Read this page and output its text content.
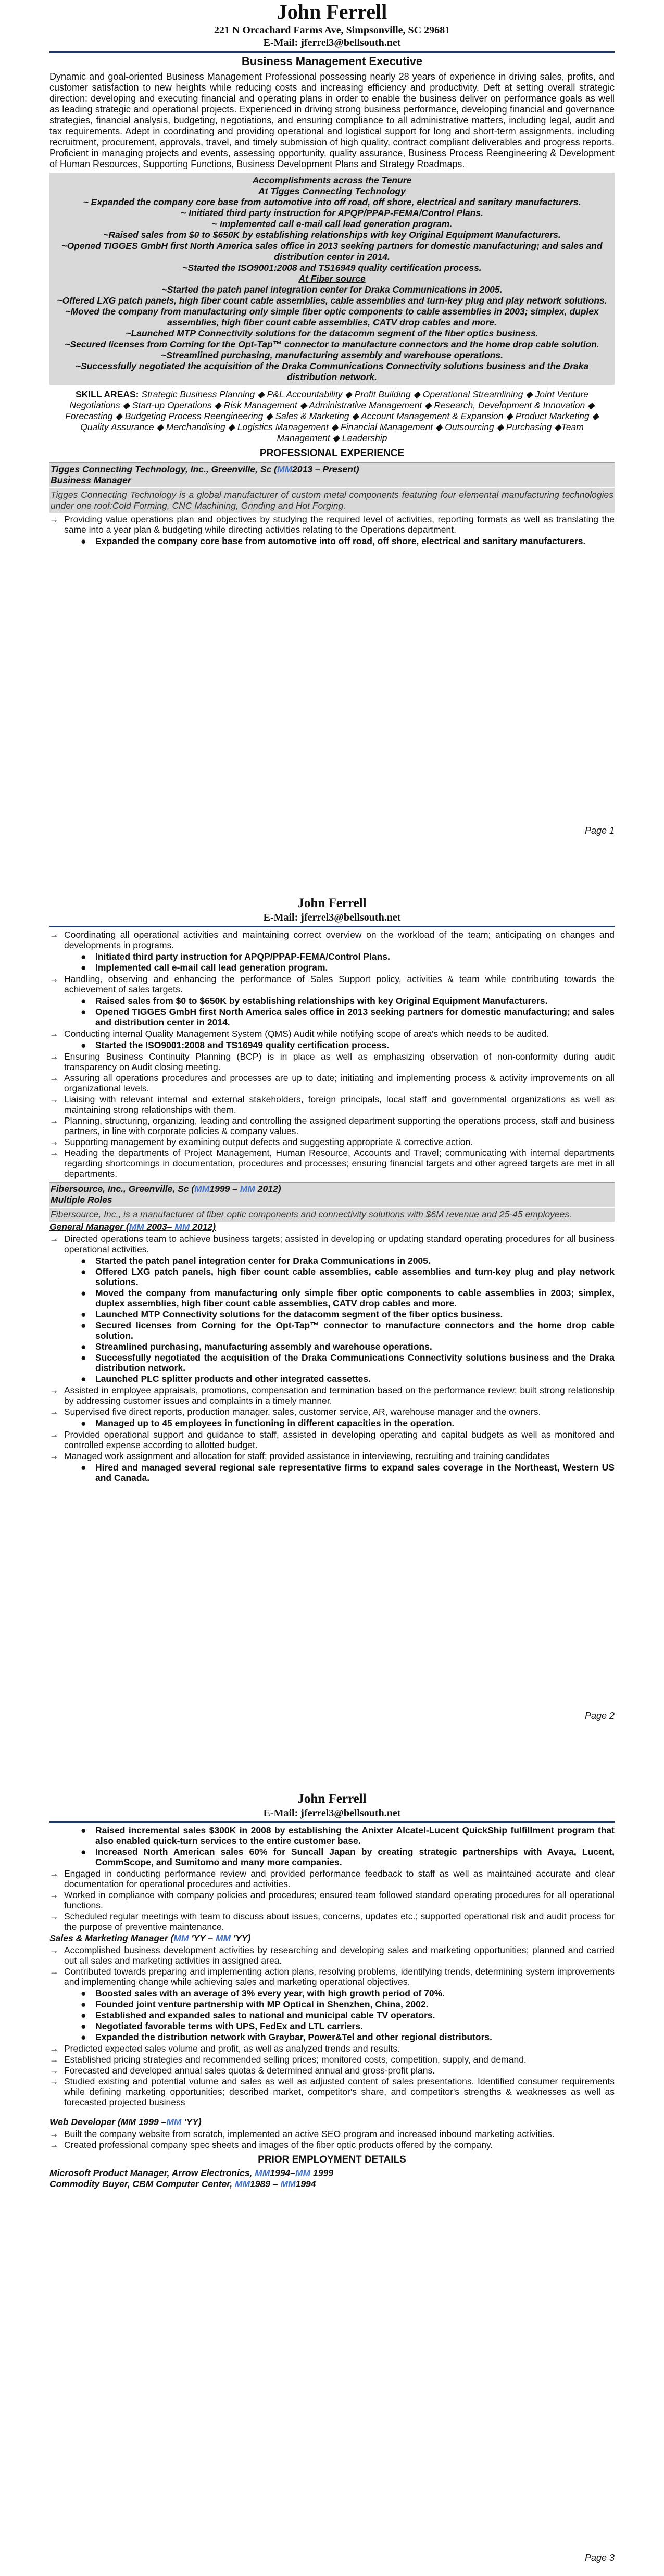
John Ferrell
221 N Orcachard Farms Ave, Simpsonville, SC 29681
E-Mail: jferrel3@bellsouth.net
Business Management Executive
Dynamic and goal-oriented Business Management Professional possessing nearly 28 years of experience in driving sales, profits, and customer satisfaction to new heights while reducing costs and increasing efficiency and productivity. Deft at setting overall strategic direction; developing and executing financial and operating plans in order to enable the business deliver on performance goals as well as leading strategic and operational projects. Experienced in driving strong business performance, developing financial and governance strategies, financial analysis, budgeting, negotiations, and ensuring compliance to all administrative matters, including legal, audit and tax requirements. Adept in coordinating and providing operational and logistical support for long and short-term assignments, including recruitment, procurement, approvals, travel, and timely submission of high quality, contract compliant deliverables and progress reports. Proficient in managing projects and events, assessing opportunity, quality assurance, Business Process Reengineering & Development of Human Resources, Supporting Functions, Business Development Plans and Strategy Roadmaps.
Accomplishments across the Tenure
At Tigges Connecting Technology
~ Expanded the company core base from automotive into off road, off shore, electrical and sanitary manufacturers.
~ Initiated third party instruction for APQP/PPAP-FEMA/Control Plans.
~ Implemented call e-mail call lead generation program.
~Raised sales from $0 to $650K by establishing relationships with key Original Equipment Manufacturers.
~Opened TIGGES GmbH first North America sales office in 2013 seeking partners for domestic manufacturing; and sales and distribution center in 2014.
~Started the ISO9001:2008 and TS16949 quality certification process.
At Fiber source
~Started the patch panel integration center for Draka Communications in 2005.
~Offered LXG patch panels, high fiber count cable assemblies, cable assemblies and turn-key plug and play network solutions.
~Moved the company from manufacturing only simple fiber optic components to cable assemblies in 2003; simplex, duplex assemblies, high fiber count cable assemblies, CATV drop cables and more.
~Launched MTP Connectivity solutions for the datacomm segment of the fiber optics business.
~Secured licenses from Corning for the Opt-Tap™ connector to manufacture connectors and the home drop cable solution.
~Streamlined purchasing, manufacturing assembly and warehouse operations.
~Successfully negotiated the acquisition of the Draka Communications Connectivity solutions business and the Draka distribution network.
SKILL AREAS: Strategic Business Planning ◆ P&L Accountability ◆ Profit Building ◆ Operational Streamlining ◆ Joint Venture Negotiations ◆ Start-up Operations ◆ Risk Management ◆ Administrative Management ◆ Research, Development & Innovation ◆ Forecasting ◆ Budgeting Process Reengineering ◆ Sales & Marketing ◆ Account Management & Expansion ◆ Product Marketing ◆ Quality Assurance ◆ Merchandising ◆ Logistics Management ◆ Financial Management ◆ Outsourcing ◆ Purchasing ◆Team Management ◆ Leadership
PROFESSIONAL EXPERIENCE
Tigges Connecting Technology, Inc., Greenville, Sc (MM2013 – Present)
Business Manager
Tigges Connecting Technology is a global manufacturer of custom metal components featuring four elemental manufacturing technologies under one roof:Cold Forming, CNC Machining, Grinding and Hot Forging.
→ Providing value operations plan and objectives by studying the required level of activities, reporting formats as well as translating the same into a year plan & budgeting while directing activities relating to the Operations department.
● Expanded the company core base from automotive into off road, off shore, electrical and sanitary manufacturers.
Page 1
John Ferrell
E-Mail: jferrel3@bellsouth.net
→ Coordinating all operational activities and maintaining correct overview on the workload of the team; anticipating on changes and developments in programs.
● Initiated third party instruction for APQP/PPAP-FEMA/Control Plans.
● Implemented call e-mail call lead generation program.
→ Handling, observing and enhancing the performance of Sales Support policy, activities & team while contributing towards the achievement of sales targets.
● Raised sales from $0 to $650K by establishing relationships with key Original Equipment Manufacturers.
● Opened TIGGES GmbH first North America sales office in 2013 seeking partners for domestic manufacturing; and sales and distribution center in 2014.
→ Conducting internal Quality Management System (QMS) Audit while notifying scope of area's which needs to be audited.
● Started the ISO9001:2008 and TS16949 quality certification process.
→ Ensuring Business Continuity Planning (BCP) is in place as well as emphasizing observation of non-conformity during audit transparency on Audit closing meeting.
→ Assuring all operations procedures and processes are up to date; initiating and implementing process & activity improvements on all organizational levels.
→ Liaising with relevant internal and external stakeholders, foreign principals, local staff and governmental organizations as well as maintaining strong relationships with them.
→ Planning, structuring, organizing, leading and controlling the assigned department supporting the operations process, staff and business partners, in line with corporate policies & company values.
→ Supporting management by examining output defects and suggesting appropriate & corrective action.
→ Heading the departments of Project Management, Human Resource, Accounts and Travel; communicating with internal departments regarding shortcomings in documentation, procedures and processes; ensuring financial targets and other agreed targets are met in all departments.
Fibersource, Inc., Greenville, Sc (MM1999 – MM 2012)
Multiple Roles
Fibersource, Inc., is a manufacturer of fiber optic components and connectivity solutions with $6M revenue and 25-45 employees.
General Manager (MM 2003– MM 2012)
→ Directed operations team to achieve business targets; assisted in developing or updating standard operating procedures for all business operational activities.
● Started the patch panel integration center for Draka Communications in 2005.
● Offered LXG patch panels, high fiber count cable assemblies, cable assemblies and turn-key plug and play network solutions.
● Moved the company from manufacturing only simple fiber optic components to cable assemblies in 2003; simplex, duplex assemblies, high fiber count cable assemblies, CATV drop cables and more.
● Launched MTP Connectivity solutions for the datacomm segment of the fiber optics business.
● Secured licenses from Corning for the Opt-Tap™ connector to manufacture connectors and the home drop cable solution.
● Streamlined purchasing, manufacturing assembly and warehouse operations.
● Successfully negotiated the acquisition of the Draka Communications Connectivity solutions business and the Draka distribution network.
● Launched PLC splitter products and other integrated cassettes.
→ Assisted in employee appraisals, promotions, compensation and termination based on the performance review; built strong relationship by addressing customer issues and complaints in a timely manner.
→ Supervised five direct reports, production manager, sales, customer service, AR, warehouse manager and the owners.
● Managed up to 45 employees in functioning in different capacities in the operation.
→ Provided operational support and guidance to staff, assisted in developing operating and capital budgets as well as monitored and controlled expense according to allotted budget.
→ Managed work assignment and allocation for staff; provided assistance in interviewing, recruiting and training candidates
● Hired and managed several regional sale representative firms to expand sales coverage in the Northeast, Western US and Canada.
Page 2
John Ferrell
E-Mail: jferrel3@bellsouth.net
● Raised incremental sales $300K in 2008 by establishing the Anixter Alcatel-Lucent QuickShip fulfillment program that also enabled quick-turn services to the entire customer base.
● Increased North American sales 60% for Suncall Japan by creating strategic partnerships with Avaya, Lucent, CommScope, and Sumitomo and many more companies.
→ Engaged in conducting performance review and provided performance feedback to staff as well as maintained accurate and clear documentation for operational procedures and activities.
→ Worked in compliance with company policies and procedures; ensured team followed standard operating procedures for all operational functions.
→ Scheduled regular meetings with team to discuss about issues, concerns, updates etc.; supported operational risk and audit process for the purpose of preventive maintenance.
Sales & Marketing Manager (MM 'YY – MM 'YY)
→ Accomplished business development activities by researching and developing sales and marketing opportunities; planned and carried out all sales and marketing activities in assigned area.
→ Contributed towards preparing and implementing action plans, resolving problems, identifying trends, determining system improvements and implementing change while achieving sales and marketing operational objectives.
● Boosted sales with an average of 3% every year, with high growth period of 70%.
● Founded joint venture partnership with MP Optical in Shenzhen, China, 2002.
● Established and expanded sales to national and municipal cable TV operators.
● Negotiated favorable terms with UPS, FedEx and LTL carriers.
● Expanded the distribution network with Graybar, Power&Tel and other regional distributors.
→ Predicted expected sales volume and profit, as well as analyzed trends and results.
→ Established pricing strategies and recommended selling prices; monitored costs, competition, supply, and demand.
→ Forecasted and developed annual sales quotas & determined annual and gross-profit plans.
→ Studied existing and potential volume and sales as well as adjusted content of sales presentations. Identified consumer requirements while defining marketing opportunities; described market, competitor's share, and competitor's strengths & weaknesses as well as forecasted projected business
Web Developer (MM 1999 –MM 'YY)
→ Built the company website from scratch, implemented an active SEO program and increased inbound marketing activities.
→ Created professional company spec sheets and images of the fiber optic products offered by the company.
PRIOR EMPLOYMENT DETAILS
Microsoft Product Manager, Arrow Electronics, MM1994–MM 1999
Commodity Buyer, CBM Computer Center, MM1989 – MM1994
Page 3
